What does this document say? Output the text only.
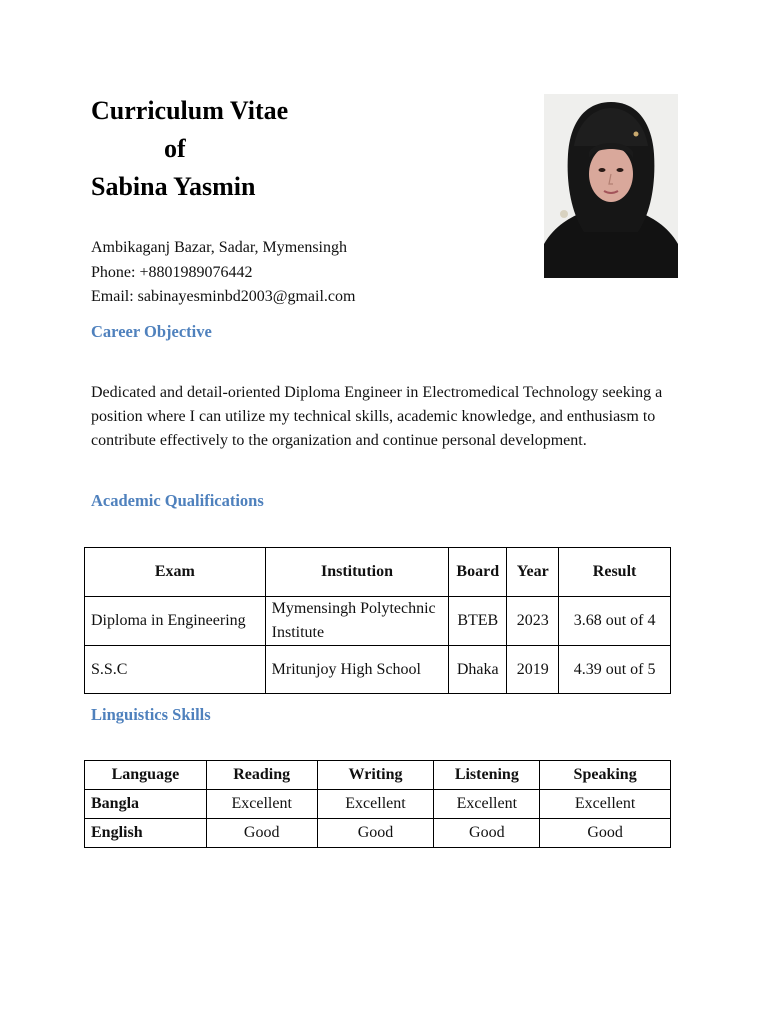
Curriculum Vitae
of
Sabina Yasmin
Ambikaganj Bazar, Sadar, Mymensingh
Phone: +8801989076442
Email: sabinayesminbd2003@gmail.com
Career Objective
Dedicated and detail-oriented Diploma Engineer in Electromedical Technology seeking a position where I can utilize my technical skills, academic knowledge, and enthusiasm to contribute effectively to the organization and continue personal development.
Academic Qualifications
Exam	Institution	Board	Year	Result
Diploma in Engineering	Mymensingh Polytechnic Institute	BTEB	2023	3.68 out of 4
S.S.C	Mritunjoy High School	Dhaka	2019	4.39 out of 5
Linguistics Skills
Language	Reading	Writing	Listening	Speaking
Bangla	Excellent	Excellent	Excellent	Excellent
English	Good	Good	Good	Good
